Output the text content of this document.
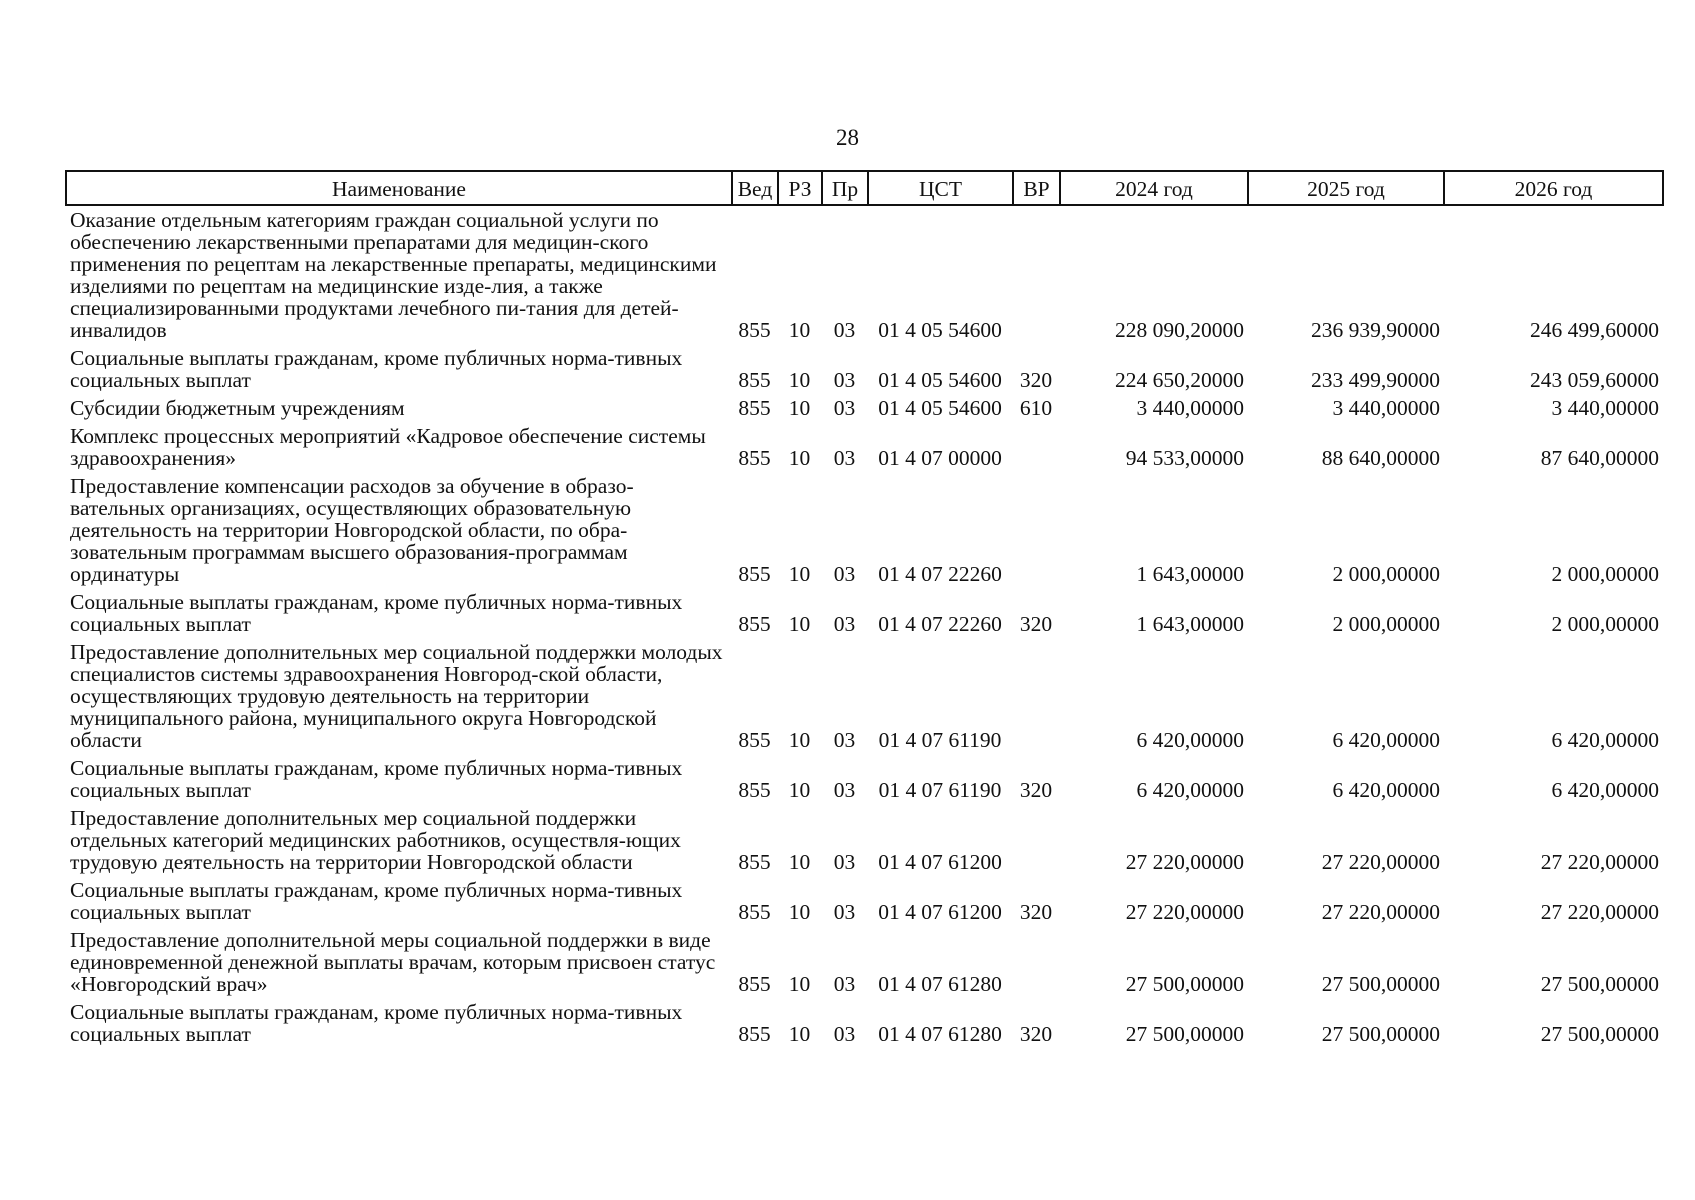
28
Наименование	Вед	РЗ	Пр	ЦСТ	ВР	2024 год	2025 год	2026 год
Оказание отдельным категориям граждан социальной услуги по обеспечению лекарственными препаратами для медицин-ского применения по рецептам на лекарственные препараты, медицинскими изделиями по рецептам на медицинские изде-лия, а также специализированными продуктами лечебного пи-тания для детей-инвалидов	855	10	03	01 4 05 54600		228 090,20000	236 939,90000	246 499,60000
Социальные выплаты гражданам, кроме публичных норма-тивных социальных выплат	855	10	03	01 4 05 54600	320	224 650,20000	233 499,90000	243 059,60000
Субсидии бюджетным учреждениям	855	10	03	01 4 05 54600	610	3 440,00000	3 440,00000	3 440,00000
Комплекс процессных мероприятий «Кадровое обеспечение системы здравоохранения»	855	10	03	01 4 07 00000		94 533,00000	88 640,00000	87 640,00000
Предоставление компенсации расходов за обучение в образо-вательных организациях, осуществляющих образовательную деятельность на территории Новгородской области, по обра-зовательным программам высшего образования-программам ординатуры	855	10	03	01 4 07 22260		1 643,00000	2 000,00000	2 000,00000
Социальные выплаты гражданам, кроме публичных норма-тивных социальных выплат	855	10	03	01 4 07 22260	320	1 643,00000	2 000,00000	2 000,00000
Предоставление дополнительных мер социальной поддержки молодых специалистов системы здравоохранения Новгород-ской области, осуществляющих трудовую деятельность на территории муниципального района, муниципального округа Новгородской области	855	10	03	01 4 07 61190		6 420,00000	6 420,00000	6 420,00000
Социальные выплаты гражданам, кроме публичных норма-тивных социальных выплат	855	10	03	01 4 07 61190	320	6 420,00000	6 420,00000	6 420,00000
Предоставление дополнительных мер социальной поддержки отдельных категорий медицинских работников, осуществля-ющих трудовую деятельность на территории Новгородской области	855	10	03	01 4 07 61200		27 220,00000	27 220,00000	27 220,00000
Социальные выплаты гражданам, кроме публичных норма-тивных социальных выплат	855	10	03	01 4 07 61200	320	27 220,00000	27 220,00000	27 220,00000
Предоставление дополнительной меры социальной поддержки в виде единовременной денежной выплаты врачам, которым присвоен статус «Новгородский врач»	855	10	03	01 4 07 61280		27 500,00000	27 500,00000	27 500,00000
Социальные выплаты гражданам, кроме публичных норма-тивных социальных выплат	855	10	03	01 4 07 61280	320	27 500,00000	27 500,00000	27 500,00000
